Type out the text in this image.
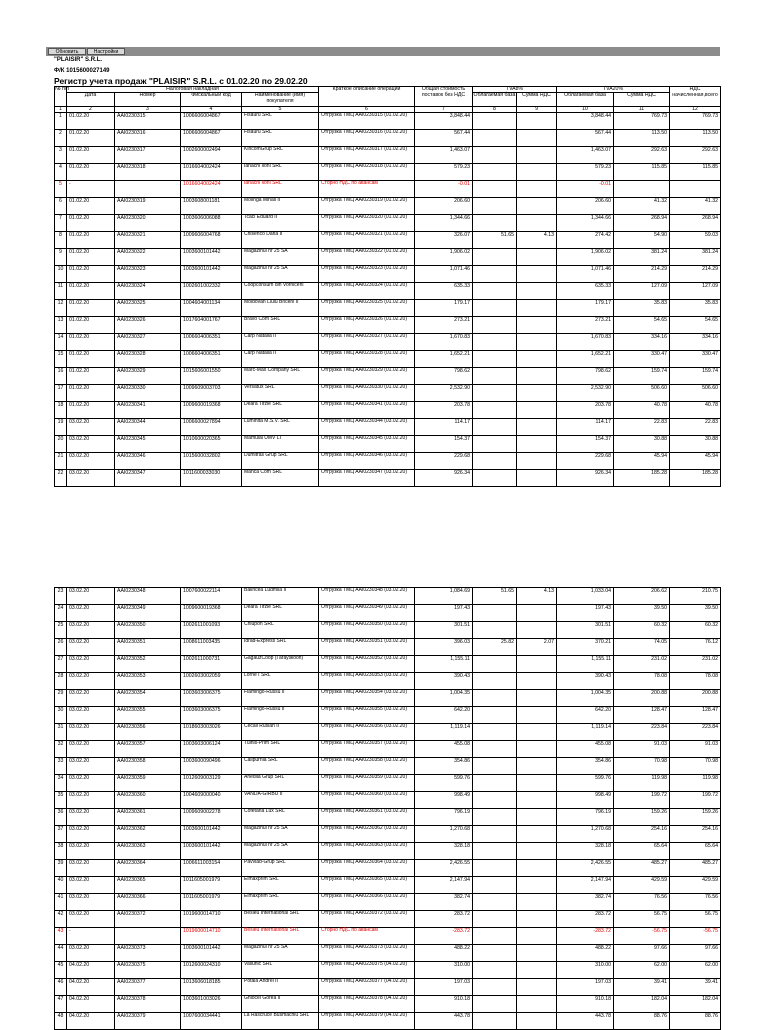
Обновить	Настройки
"PLAISIR" S.R.L.
Ф/К 1015600027149
Регистр учета продаж "PLAISIR" S.R.L. с 01.02.20 по 29.02.20
№ п/п	Налоговая накладная				Краткое описание операции	Общая стоимость поставок без НДС	TVA8%		TVA20%		НДС начисленная,всего
	Дата	Номер	Фискальный код	Наименование (имя) покупателя			Облагаемая база	Сумма НДС	Облагаемая база	Сумма НДС	
1	2	3	4	5	6	7	8	9	10	11	12
1	01.02.20	AAI0230315	1006606004867	Fisauru SRL	Отгрузка ТМЦ AAI0230315 (01.02.20)	3,848.44			3,848.44	769.73	769.73
2	01.02.20	AAI0230316	1006606004867	Fisauru SRL	Отгрузка ТМЦ AAI0230316 (01.02.20)	567.44			567.44	113.50	113.50
3	01.02.20	AAI0230317	1002600002494	KincomGrup SRL	Отгрузка ТМЦ AAI0230317 (01.02.20)	1,463.07			1,463.07	292.63	292.63
4	01.02.20	AAI0230318	1016604002424	Ianachi Ilonl SRL	Отгрузка ТМЦ AAI0230318 (01.02.20)	579.23			579.23	115.85	115.85
5	-		1016604002424	Ianachi Ilonl SRL	Сторно НДС по авансам	-0.01			-0.01		
6	01.02.20	AAI0230319	1003608001181	Molinga Mihail II	Отгрузка ТМЦ AAI0230319 (01.02.20)	206.60			206.60	41.32	41.32
7	01.02.20	AAI0230320	1003606006088	Tcaci Eduard II	Отгрузка ТМЦ AAI0230320 (01.02.20)	1,344.66			1,344.66	268.94	268.94
8	01.02.20	AAI0230321	1009606004768	Chisenco Daria II	Отгрузка ТМЦ AAI0230321 (01.02.20)	326.07	51.65	4.13	274.42	54.90	59.03
9	01.02.20	AAI0230322	1003600101442	Magazinul nr 25 SA	Отгрузка ТМЦ AAI0230322 (01.02.20)	1,906.02			1,906.02	381.24	381.24
10	01.02.20	AAI0230323	1003600101442	Magazinul nr 25 SA	Отгрузка ТМЦ AAI0230323 (01.02.20)	1,071.46			1,071.46	214.29	214.29
11	01.02.20	AAI0230324	1002601002332	Coopconsum din Vornicenl	Отгрузка ТМЦ AAI0230324 (01.02.20)	635.33			635.33	127.09	127.09
12	01.02.20	AAI0230325	1004604001134	Moldovan Liuiu Briceni II	Отгрузка ТМЦ AAI0230325 (01.02.20)	179.17			179.17	35.83	35.83
13	01.02.20	AAI0230326	1017604001767	Bravo Com SRL	Отгрузка ТМЦ AAI0230326 (01.02.20)	273.21			273.21	54.65	54.65
14	01.02.20	AAI0230327	1006604006351	Carp Natalia II	Отгрузка ТМЦ AAI0230327 (01.02.20)	1,670.83			1,670.83	334.16	334.16
15	01.02.20	AAI0230328	1006604006351	Carp Natalia II	Отгрузка ТМЦ AAI0230328 (01.02.20)	1,652.21			1,652.21	330.47	330.47
16	01.02.20	AAI0230329	1015606001550	Marc-Max Company SRL	Отгрузка ТМЦ AAI0230329 (01.02.20)	798.62			798.62	159.74	159.74
17	01.02.20	AAI0230330	1009609003703	Versatux SRL	Отгрузка ТМЦ AAI0230330 (01.02.20)	2,532.90			2,532.90	506.60	506.60
18	01.02.20	AAI0230341	1009600019368	Deara Tirzie SRL	Отгрузка ТМЦ AAI0230341 (01.02.20)	203.78			203.78	40.78	40.78
19	03.02.20	AAI0230344	1006600027894	Luminita M.S.V. SRL	Отгрузка ТМЦ AAI0230344 (03.02.20)	114.17			114.17	22.83	22.83
20	03.02.20	AAI0230345	1010600020365	Mamulal UMV LI	Отгрузка ТМЦ AAI0230345 (03.02.20)	154.37			154.37	30.88	30.88
21	03.02.20	AAI0230346	1015600032802	Dumitras Grup SRL	Отгрузка ТМЦ AAI0230346 (03.02.20)	229.68			229.68	45.94	45.94
22	03.02.20	AAI0230347	1011600033030	Manca Com SRL	Отгрузка ТМЦ AAI0230347 (03.02.20)	926.34			926.34	185.28	185.28
23	03.02.20	AAI0230348	1007600022114	Balincea Ludmila II	Отгрузка ТМЦ AAI0230348 (03.02.20)	1,084.69	51.65	4.13	1,033.04	206.62	210.75
24	03.02.20	AAI0230349	1009600019368	Deara Tirzie SRL	Отгрузка ТМЦ AAI0230349 (03.02.20)	197.43			197.43	39.50	39.50
25	03.02.20	AAI0230350	1002611001093	Chiupon SRL	Отгрузка ТМЦ AAI0230350 (03.02.20)	301.51			301.51	60.32	60.32
26	03.02.20	AAI0230351	1008611003435	Idrad-Express SRL	Отгрузка ТМЦ AAI0230351 (03.02.20)	396.03	25.82	2.07	370.21	74.05	76.12
27	03.02.20	AAI0230352	1002611000731	GagauzCoop (Гагаузкооп)	Отгрузка ТМЦ AAI0230352 (03.02.20)	1,155.11			1,155.11	231.02	231.02
28	03.02.20	AAI0230353	1002603002059	Lorne I SRL	Отгрузка ТМЦ AAI0230353 (03.02.20)	390.43			390.43	78.08	78.08
29	03.02.20	AAI0230354	1003603006375	Flamingo-Russu II	Отгрузка ТМЦ AAI0230354 (03.02.20)	1,004.35			1,004.35	200.88	200.88
30	03.02.20	AAI0230355	1003603006375	Flamingo-Russu II	Отгрузка ТМЦ AAI0230355 (03.02.20)	642.20			642.20	128.47	128.47
31	03.02.20	AAI0230356	1018603003026	Cecali Ruslan II	Отгрузка ТМЦ AAI0230356 (03.02.20)	1,119.14			1,119.14	223.84	223.84
32	03.02.20	AAI0230357	1003603006124	Tulnis-Prim SRL	Отгрузка ТМЦ AAI0230357 (03.02.20)	455.08			455.08	91.03	91.03
33	03.02.20	AAI0230358	1003600090496	Calipurnia SRL	Отгрузка ТМЦ AAI0230358 (03.02.20)	354.86			354.86	70.98	70.98
34	03.02.20	AAI0230359	1012609003129	Anedlia Grup SRL	Отгрузка ТМЦ AAI0230359 (03.02.20)	599.76			599.76	119.98	119.98
35	03.02.20	AAI0230360	1004609000040	VANDA-GIRBU II	Отгрузка ТМЦ AAI0230360 (03.02.20)	998.49			998.49	199.72	199.72
36	03.02.20	AAI0230361	1009609002278	Cofetaria Lux SRL	Отгрузка ТМЦ AAI0230361 (03.02.20)	796.19			796.19	159.26	159.26
37	03.02.20	AAI0230362	1003600101442	Magazinul nr 25 SA	Отгрузка ТМЦ AAI0230362 (03.02.20)	1,270.68			1,270.68	254.16	254.16
38	03.02.20	AAI0230363	1003600101442	Magazinul nr 25 SA	Отгрузка ТМЦ AAI0230363 (03.02.20)	328.18			328.18	65.64	65.64
39	03.02.20	AAI0230364	1006611003154	Pavvlad-Grup SRL	Отгрузка ТМЦ AAI0230364 (03.02.20)	2,426.55			2,426.55	485.27	485.27
40	03.02.20	AAI0230365	1011605001979	Elmaxprim SRL	Отгрузка ТМЦ AAI0230365 (03.02.20)	2,147.94			2,147.94	429.59	429.59
41	03.02.20	AAI0230366	1011605001979	Elmaxprim SRL	Отгрузка ТМЦ AAI0230366 (03.02.20)	382.74			382.74	76.56	76.56
42	03.02.20	AAI0230372	1019600014710	Besleu International SRL	Отгрузка ТМЦ AAI0230372 (03.02.20)	283.72			283.72	56.75	56.75
43	-		1019600014710	Besleu International SRL	Сторно НДС по авансам	-283.72			-283.72	-56.75	-56.75
44	03.02.20	AAI0230373	1003600101442	Magazinul nr 25 SA	Отгрузка ТМЦ AAI0230373 (03.02.20)	488.22			488.22	97.66	97.66
45	04.02.20	AAI0230375	1012600024310	Valiunic SRL	Отгрузка ТМЦ AAI0230375 (04.02.20)	310.00			310.00	62.00	62.00
46	04.02.20	AAI0230377	1013606018185	Potala Andrei II	Отгрузка ТМЦ AAI0230377 (04.02.20)	197.03			197.03	39.41	39.41
47	04.02.20	AAI0230378	1003601003026	Ghiocel Gorea II	Отгрузка ТМЦ AAI0230378 (04.02.20)	910.18			910.18	182.04	182.04
48	04.02.20	AAI0230379	1007600034441	La Rascruce Busmachiu SRL	Отгрузка ТМЦ AAI0230379 (04.02.20)	443.78			443.78	88.76	88.76
